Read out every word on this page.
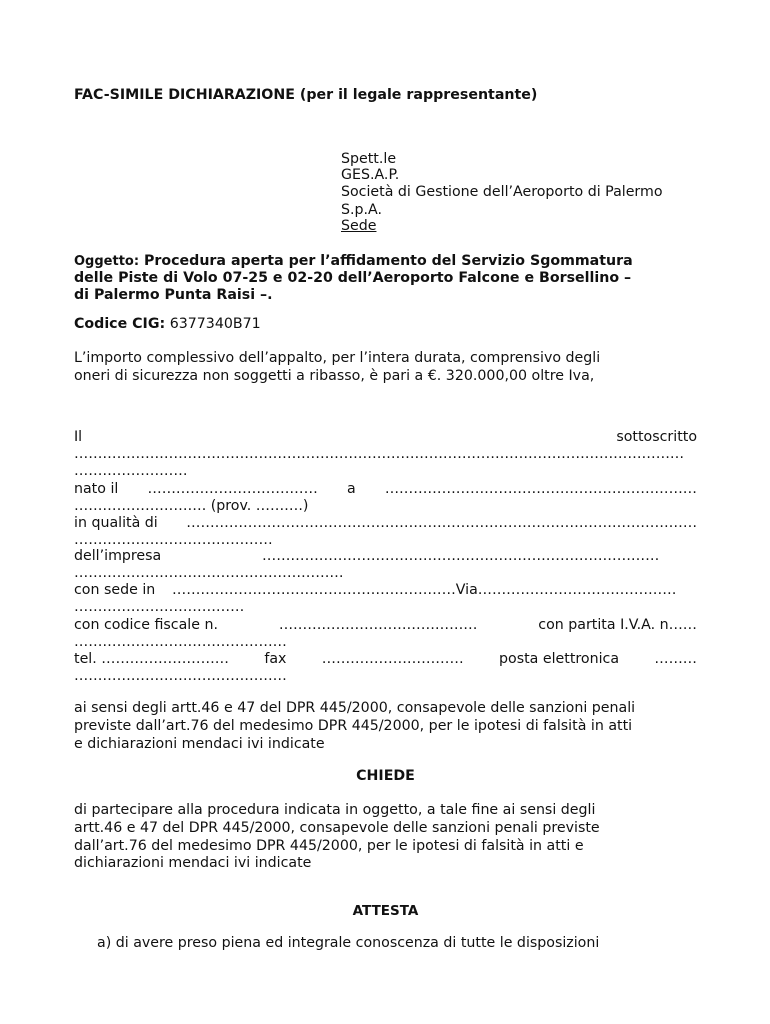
FAC-SIMILE DICHIARAZIONE (per il legale rappresentante)
Spett.le
GES.A.P.
Società di Gestione dell’Aeroporto di Palermo
S.p.A.
Sede
Oggetto: Procedura aperta per l’affidamento del Servizio Sgommatura
delle Piste di Volo 07-25 e 02-20 dell’Aeroporto Falcone e Borsellino –
di Palermo Punta Raisi –.
Codice CIG: 6377340B71
L’importo complessivo dell’appalto, per l’intera durata, comprensivo degli
oneri di sicurezza non soggetti a ribasso, è pari a €. 320.000,00 oltre Iva,
Il	sottoscritto
…………………………………………………………………………………………………………………
……………………
nato il ……………………………… a …………………………………………………………
………………………. (prov. ……….)
in qualità di ………………………………………………………………………………………………
……………………………………
dell’impresa	…………………………………………………………………………
…………………………………………………
con sede in ……………………………………………………Via……………………………………
………………………………
con codice fiscale n.	……………………………………	con partita I.V.A. n……
………………………………………
tel. ……………………… fax ………………………… posta elettronica ………
………………………………………
ai sensi degli artt.46 e 47 del DPR 445/2000, consapevole delle sanzioni penali
previste dall’art.76 del medesimo DPR 445/2000, per le ipotesi di falsità in atti
e dichiarazioni mendaci ivi indicate
CHIEDE
di partecipare alla procedura indicata in oggetto, a tale fine ai sensi degli
artt.46 e 47 del DPR 445/2000, consapevole delle sanzioni penali previste
dall’art.76 del medesimo DPR 445/2000, per le ipotesi di falsità in atti e
dichiarazioni mendaci ivi indicate
ATTESTA
a) di avere preso piena ed integrale conoscenza di tutte le disposizioni
